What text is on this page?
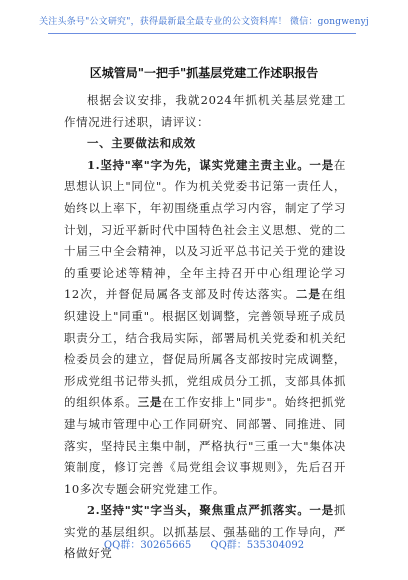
关注头条号"公文研究"，获得最新最全最专业的公文资料库！ 微信：gongwenyj
区城管局"一把手"抓基层党建工作述职报告

根据会议安排，我就2024年抓机关基层党建工作情况进行述职，请评议：

一、主要做法和成效

1.坚持"率"字为先，谋实党建主责主业。一是在思想认识上"同位"。作为机关党委书记第一责任人，始终以上率下，年初围绕重点学习内容，制定了学习计划，习近平新时代中国特色社会主义思想、党的二十届三中全会精神，以及习近平总书记关于党的建设的重要论述等精神，全年主持召开中心组理论学习12次，并督促局属各支部及时传达落实。二是在组织建设上"同重"。根据区划调整，完善领导班子成员职责分工，结合我局实际，部署局机关党委和机关纪检委员会的建立，督促局所属各支部按时完成调整，形成党组书记带头抓，党组成员分工抓，支部具体抓的组织体系。三是在工作安排上"同步"。始终把抓党建与城市管理中心工作同研究、同部署、同推进、同落实，坚持民主集中制，严格执行"三重一大"集体决策制度，修订完善《局党组会议事规则》，先后召开10多次专题会研究党建工作。

2.坚持"实"字当头，聚焦重点严抓落实。一是抓实党的基层组织。以抓基层、强基础的工作导向，严格做好党

QQ群：30265665 QQ群：535304092
